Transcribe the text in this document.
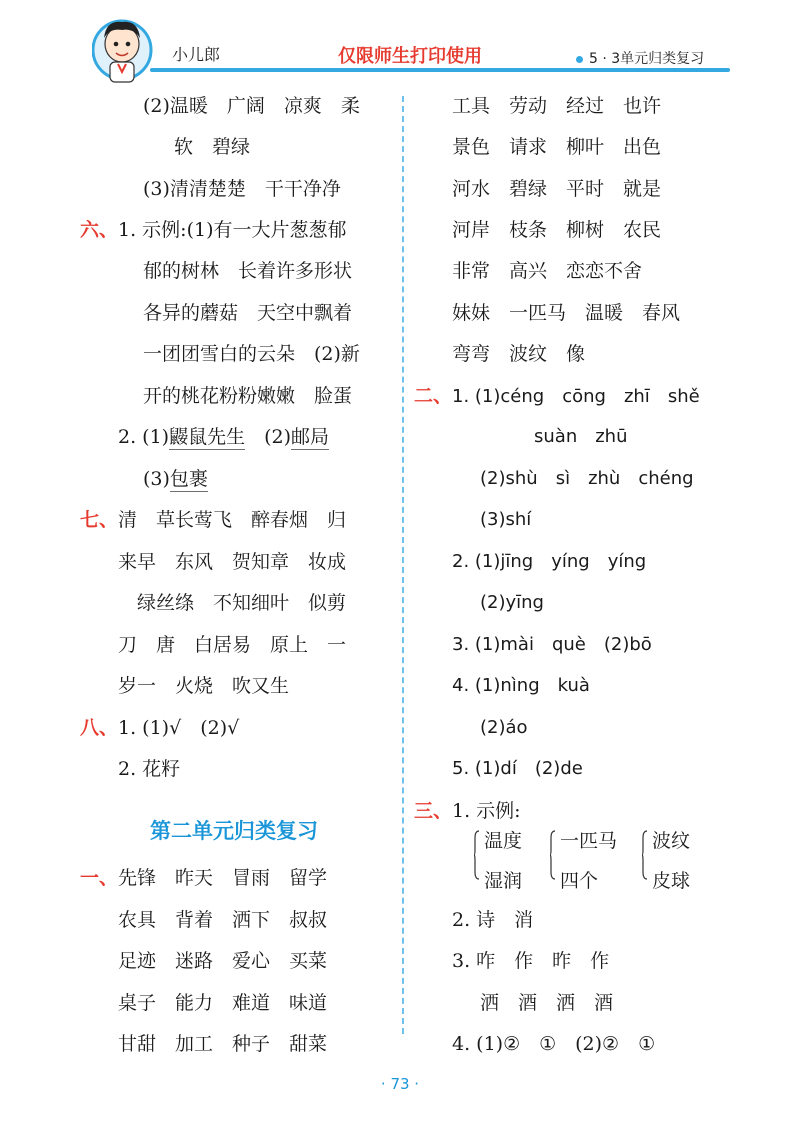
小儿郎	仅限师生打印使用	5 · 3单元归类复习
(2)温暖　广阔　凉爽　柔
软　碧绿
(3)清清楚楚　干干净净
六、1. 示例:(1)有一大片葱葱郁
郁的树林　长着许多形状
各异的蘑菇　天空中飘着
一团团雪白的云朵　(2)新
开的桃花粉粉嫩嫩　脸蛋
2. (1)鼹鼠先生　(2)邮局
(3)包裹
七、清　草长莺飞　醉春烟　归
来早　东风　贺知章　妆成
绿丝绦　不知细叶　似剪
刀　唐　白居易　原上　一
岁一　火烧　吹又生
八、1. (1)√　(2)√
2. 花籽
第二单元归类复习
一、先锋　昨天　冒雨　留学
农具　背着　洒下　叔叔
足迹　迷路　爱心　买菜
桌子　能力　难道　味道
甘甜　加工　种子　甜菜
工具　劳动　经过　也许
景色　请求　柳叶　出色
河水　碧绿　平时　就是
河岸　枝条　柳树　农民
非常　高兴　恋恋不舍
妹妹　一匹马　温暖　春风
弯弯　波纹　像
二、1. (1)céng　cōng　zhī　shě
suàn　zhū
(2)shù　sì　zhù　chéng
(3)shí
2. (1)jīng　yíng　yíng
(2)yīng
3. (1)mài　què　(2)bō
4. (1)nìng　kuà
(2)áo
5. (1)dí　(2)de
三、1. 示例:
温度
湿润
一匹马
四个
波纹
皮球
2. 诗　消
3. 咋　作　昨　作
洒　酒　洒　酒
4. (1)②　①　(2)②　①
· 73 ·
